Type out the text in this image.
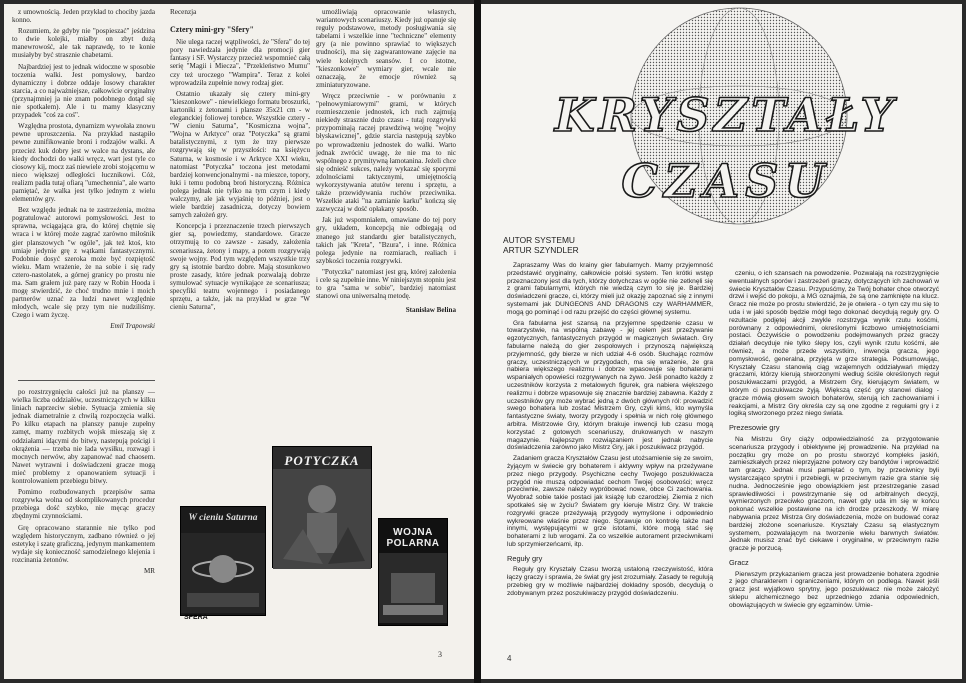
z umownością. Jeden przykład to chociby jazda konno.

Rozumiem, że gdyby nie "pospieszać" jeśdzina to dwie kolejki, miałby on zbyt dużą manewrowość, ale tak naprawdę, to te konie musiałyby być strasznie chabetami.

Najbardziej jest to jednak widoczne w sposobie toczenia walki. Jest pomysłowy, bardzo dynamiczny i dobrze oddaje losowy charakter starcia, a co najważniejsze, całkowicie oryginalny (przynajmniej ja nie znam podobnego dotąd się nie spotkałem). Ale i tu mamy klasyczny przypadek "coś za coś".

Względna prostota, dynamizm wywołała znowu pewne uproszczenia. Na przykład nastąpiło pewne zunifikowanie broni i rodzajów walki. A przecież kuk dobry jest w walce na dystans, ale kiedy dochodzi do walki wręcz, wart jest tyle co ciosowy kij, mocz zaś niewiele zrobi stojącemu w nieco większej odległości łucznikowi. Cóż, realizm padła tutaj ofiarą "umechennia", ale warto pamiętać, że walka jest tylko jednym z wielu elementów gry.

Bez względu jednak na te zastrzeżenia, można pogratulować autorowi pomysłowości. Jest to sprawna, wciągająca gra, do której chętnie się wraca i w której może zagrać zarówno miłośnik gier planszowych "w ogóle", jak też ktoś, kto umiaje jedynie grę z wątkami fantastycznymi. Podobnie dosyć szeroka może być rozpiętość wieku. Mam wrażenie, że na sobie i się rady cztero-nastolatek, a górnej granicy po prostu nie ma. Sam grałem już parę razy w Robin Hooda i mogę stwierdzić, że choć trudno mnie i moich partnerów uznać za ludzi nawet względnie młodych, wcale się przy tym nie nudziliśmy. Czego i wam życzę.

Emil Trapowski

po rozstrzygnięciu całości już na planszy — wielka liczba oddziałów, uczestniczących w kilku liniach naprzeciw siebie. Sytuacja zmienia się jednak diametralnie z chwilą rozpoczęcia walki. Po kilku etapach na planszy panuje zupełny zamęt, mamy rozbitych wojsk mieszają się z oddziałami idącymi do bitwy, nastepują pościgi i okrążenia — trzeba nie lada wysiłku, rozwagi i mocnych nerwów, aby zapanować nad chaosem. Nawet wytrawni i doświadczeni gracze mogą mieć problemy z opanowaniem sytuacji i kontrolowaniem przebiegu bitwy.

Pomimo rozbudowanych przepisów sama rozgrywka wolna od skomplikowanych procedur przebiega dość szybko, nie męcąc graczy zbędnymi czynnościami.

Grę opracowano starannie nie tylko pod względem historycznym, zadbano również o jej estetykę i szatę graficzną, jedynym mankamentem wydaje się konieczność samodzielnego klejenia i rozcinania żetonów.

MR
Recenzja
Cztery mini-gry "Sfery"

Nie ulega raczej wątpliwości, że "Sfera" do tej pory nawiedzała jedynie dla promocji gier fantasy i SF. Wystarczy przecież wspomnieć całą serię "Magii i Miecza", "Przekleństwo Mumu" czy też uroczego "Wampira". Teraz z kolei wprowadziła zupełnie nowy rodzaj gier.

Ostatnio ukazały się cztery mini-gry "kieszonkowe" - niewielkiego formatu broszurki, kartoniki z żetonami i plansze 35x21 cm - w eleganckiej foliowej torebce. Wszystkie cztery - "W cieniu Saturna", "Kosmiczna wojna", "Wojna w Arktyce" oraz "Potyczka" są grami batalistycznymi, z tym że trzy pierwsze rozgrywają się w przyszłości: na księżycu Saturna, w kosmosie i w Arktyce XXI wieku, natomiast "Potyczka" toczona jest metodami bardziej konwencjonalnymi - na mieszce, topory, łuki i temu podobną broń historyczną. Różnica polega jednak nie tylko na tym czym i kiedy walczymy, ale jak wyjaśnię to później, jest o wiele bardziej zasadnicza, dotyczy bowiem samych założeń gry.

Koncepcja i przeznaczenie trzech pierwszych gier są, powiedzmy, standardowe. Gracze otrzymują to co zawsze - zasady, założenia scenariusza, żetony i mapy, a potem rozgrywają swoje wojny. Pod tym względem wszystkie trzy gry są istotnie bardzo dobre. Mają stosunkowo proste zasady, które jednak pozwalają dobrze symulować sytuacje wynikające ze scenariusza; specyfiki teatru wojennego i posiadanego sprzętu, a także, jak na przykład w grze "W cieniu Saturna",

umożliwiają opracowanie własnych, wariantowych scenariuszy. Kiedy już opanuje się reguły podstawowe, metody posługiwania się tabelami i wszelkie inne "techniczne" elementy gry (a nie powinno sprawiać to większych trudności), ma się zagwarantowane zajęcie na wiele kolejnych seansów. I co istotne, "kieszonkowe" wymiary gier, wcale nie oznaczają, że emocje również są zminiaturyzowane.

Wręcz przeciwnie - w porównaniu z "pełnowymiarowymi" grami, w których rozmieszczenie jednostek, ich ruch zajmują niekiedy strasznie dużo czasu - tutaj rozgrywki przypominają raczej prawdziwą wojnę "wojny błyskawicznej", gdzie starcia następują szybko po wprowadzeniu jednostek do walki. Warto jednak zwrócić uwagę, że nie ma to nic wspólnego z prymitywną łamotanina. Jeżeli chce się odnieść sukces, należy wykazać się sporymi zdolnościami taktycznymi, umiejętnością wykorzystywania atutów terenu i sprzętu, a także przewidywania ruchów przeciwnika. Wszelkie ataki "na zamianie karku" kończą się zazwyczaj w dość opłakany sposób.

Jak już wspomniałem, omawiane do tej pory gry, układem, koncepcją nie odbiegają od znanego już standardu gier batalistycznych, takich jak "Kreta", "Bzura", i inne. Różnica polega jedynie na rozmiarach, realiach i szybkości toczenia rozgrywki.

"Potyczka" natomiast jest grą, której założenia i cele są zupełnie inne. W niniejszym stopniu jest to gra "sama w sobie", bardziej natomiast stanowi ona uniwersalną metodę.

Stanisław Belina
POTYCZKA
W cieniu Saturna
WOJNA POLARNA
SFERA
3
KRYSZTAŁY
CZASU
AUTOR SYSTEMU
ARTUR SZYNDLER

Zapraszamy Was do krainy gier fabularnych. Mamy przyjemność przedstawić oryginalny, całkowicie polski system. Ten krótki wstęp przeznaczony jest dla tych, którzy dotychczas w ogóle nie zetknęli się z grami fabularnymi, których nie wiedzą czym to się je. Bardziej doświadczeni gracze, ci, którzy mieli już okazję zapoznać się z innymi systemami jak DUNGEONS AND DRAGONS czy WARHAMMER, mogą go pominąć i od razu przejść do części głównej systemu.

Gra fabularna jest szansą na przyjemne spędzenie czasu w towarzystwie, na wspólną zabawę - jej celem jest przeżywanie egzotycznych, fantastycznych przygód w magicznych światach. Gry fabularne należą do gier zespołowych i przynoszą największą przyjemność, gdy bierze w nich udział 4-6 osób. Słuchając rozmów graczy, uczestniczących w przygodach, ma się wrażenie, że gra nabiera większego realizmu i dobrze wpasowuje się bohaterami wspaniałych opowieści rozgrywanych na żywo. Jeśli ponadto każdy z uczestników korzysta z metalowych figurek, gra nabiera większego realizmu i dobrze wpasowuje się znacznie bardziej zabawna. Każdy z uczestników gry może wybrać jedną z dwóch głównych ról: prowadzić swego bohatera lub zostać Mistrzem Gry, czyli kimś, kto wymyśla fantastyczne światy, tworzy przygody i spełnia w nich rolę głównego arbitra. Mistrzowie Gry, którym brakuje inwencji lub czasu mogą korzystać z gotowych scenariuszy, drukowanych w naszym magazynie. Najlepszym rozwiązaniem jest jednak nabycie doświadczenia zarówno jako Mistrz Gry, jak i poszukiwacz przygód.

Zadaniem gracza Kryształów Czasu jest utożsamienie się ze swoim, żyjącym w świecie gry bohaterem i aktywny wpływ na przeżywane przez niego przygody. Psychiczne cechy Twojego poszukiwacza przygód nie muszą odpowiadać cechom Twojej osobowości; wręcz przeciwnie, zawsze należy wypróbować nowe, obce Ci zachowania. Wyobraź sobie takie postaci jak książę lub czarodziej. Ziemia z nich spotkałeś się w życiu? Światem gry kieruje Mistrz Gry. W trakcie rozgrywki gracze przeżywają przygody wymyślone i odpowiednio wykreowane właśnie przez niego. Sprawuje on kontrolę także nad innymi, występującymi w grze istotami, które mogą stać się bohaterami z lub wrogami. Za co wszelkie autorament przeciwnikami lub sprzymierzeńcami, itp.

Reguły gry

Reguły gry Kryształy Czasu tworzą ustaloną rzeczywistość, która łączy graczy i sprawia, że świat gry jest zrozumiały. Zasady te regulują przebieg gry w możliwie najbardziej dokładny sposób, decydują o zdobywanym przez poszukiwaczy przygód doświadczeniu.

czeniu, o ich szansach na powodzenie. Pozwalają na rozstrzygnięcie ewentualnych sporów i zastrzeżeń graczy, dotyczących ich zachowań w świecie Kryształów Czasu. Przypuśćmy, że Twój bohater chce otworzyć drzwi i wejść do pokoju, a MG oznajmia, że są one zamknięte na klucz. Gracz nie może po prostu stwierdzić, że je otwiera - o tym czy mu się to uda i w jaki sposób będzie mógł tego dokonać decydują reguły gry. O rezultacie podjętej akcji zwykle rozstrzyga wynik rzutu kośćmi, porównany z odpowiednimi, określonymi liczbowo umiejętnościami postaci. Oczywiście o powodzeniu podejmowanych przez graczy działań decyduje nie tylko ślepy los, czyli wynik rzutu kośćmi, ale również, a może przede wszystkim, inwencja gracza, jego pomysłowość, generalna, przyjęta w grze strategia. Podsumowując, Kryształy Czasu stanowią ciąg wzajemnych oddziaływań między graczami, którzy kierują stworzonymi według ściśle określonych reguł poszukiwaczami przygód, a Mistrzem Gry, kierującym światem, w którym ci poszukiwacze żyją. Większą część gry stanowi dialog - gracze mówią głosem swoich bohaterów, sterują ich zachowaniami i reakcjami, a Mistrz Gry określa czy są one zgodne z regułami gry i z logiką stworzonego przez niego świata.

Prezesowie gry

Na Mistrzu Gry ciąży odpowiedzialność za przygotowanie scenariusza przygody i obiektywne jej prowadzenie. Na przykład na początku gry może on po prostu stworzyć kompleks jaskiń, zamieszkałych przez nieprzyjazne potwory czy bandytów i wprowadzić tam graczy. Jednak musi pamiętać o tym, by przeciwnicy byli wystarczająco sprytni i przebiegli, w przeciwnym razie gra stanie się nudna. Jednocześnie jego obowiązkiem jest przestrzeganie zasad sprawiedliwości i powstrzymanie się od arbitralnych decyzji, wymierzonych przeciwko graczom, nawet gdy uda im się w końcu pokonać wszelkie postawione na ich drodze przeszkody. W miarę nabywania przez Mistrza Gry doświadczenia, może on budować coraz bardziej złożone scenariusze. Kryształy Czasu są elastycznym systemem, pozwalającym na tworzenie wielu barwnych światów. Jednak musisz znać być ciekawe i oryginalne, w przeciwnym razie gracze je porzucą.

Gracz

Pierwszym przykazaniem gracza jest prowadzenie bohatera zgodnie z jego charakterem i ograniczeniami, którym on podlega. Nawet jeśli gracz jest wyjątkowo sprytny, jego poszukiwacz nie może założyć sklepu alchemicznego bez uprzedniego zdania odpowiednich, obowiązujących w świecie gry egzaminów. Umie-

4
